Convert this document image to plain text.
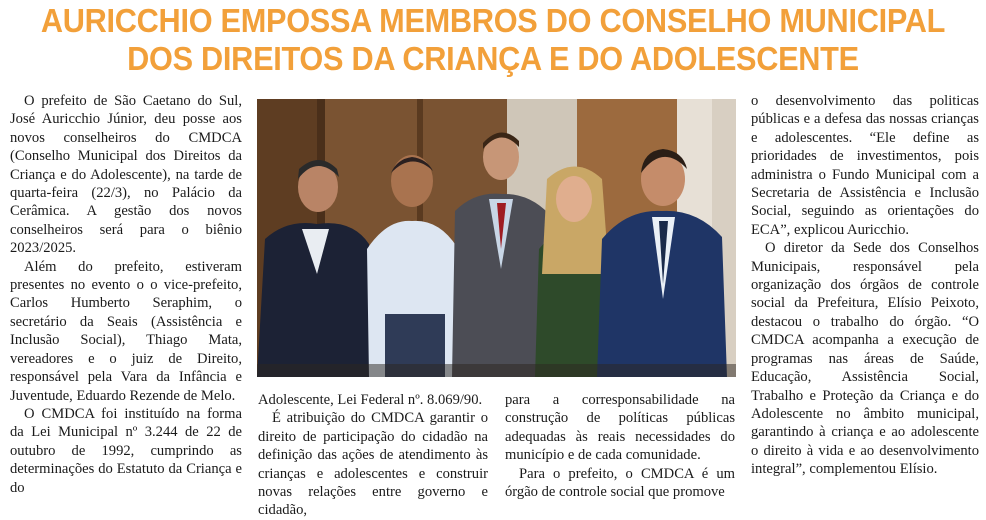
AURICCHIO EMPOSSA MEMBROS DO CONSELHO MUNICIPAL
DOS DIREITOS DA CRIANÇA E DO ADOLESCENTE

O prefeito de São Caetano do Sul, José Auricchio Júnior, deu posse aos novos conselheiros do CMDCA (Conselho Municipal dos Direitos da Criança e do Adolescente), na tarde de quarta-feira (22/3), no Palácio da Cerâmica. A gestão dos novos conselheiros será para o biênio 2023/2025.

Além do prefeito, estiveram presentes no evento o o vice-prefeito, Carlos Humberto Seraphim, o secretário da Seais (Assistência e Inclusão Social), Thiago Mata, vereadores e o juiz de Direito, responsável pela Vara da Infância e Juventude, Eduardo Rezende de Melo.

O CMDCA foi instituído na forma da Lei Municipal nº 3.244 de 22 de outubro de 1992, cumprindo as determinações do Estatuto da Criança e do

Adolescente, Lei Federal nº. 8.069/90.

É atribuição do CMDCA garantir o direito de participação do cidadão na definição das ações de atendimento às crianças e adolescentes e construir novas relações entre governo e cidadão,

para a corresponsabilidade na construção de políticas públicas adequadas às reais necessidades do município e de cada comunidade.

Para o prefeito, o CMDCA é um órgão de controle social que promove

o desenvolvimento das politicas públicas e a defesa das nossas crianças e adolescentes. “Ele define as prioridades de investimentos, pois administra o Fundo Municipal com a Secretaria de Assistência e Inclusão Social, seguindo as orientações do ECA”, explicou Auricchio.

O diretor da Sede dos Conselhos Municipais, responsável pela organização dos órgãos de controle social da Prefeitura, Elísio Peixoto, destacou o trabalho do órgão. “O CMDCA acompanha a execução de programas nas áreas de Saúde, Educação, Assistência Social, Trabalho e Proteção da Criança e do Adolescente no âmbito municipal, garantindo à criança e ao adolescente o direito à vida e ao desenvolvimento integral”, complementou Elísio.
